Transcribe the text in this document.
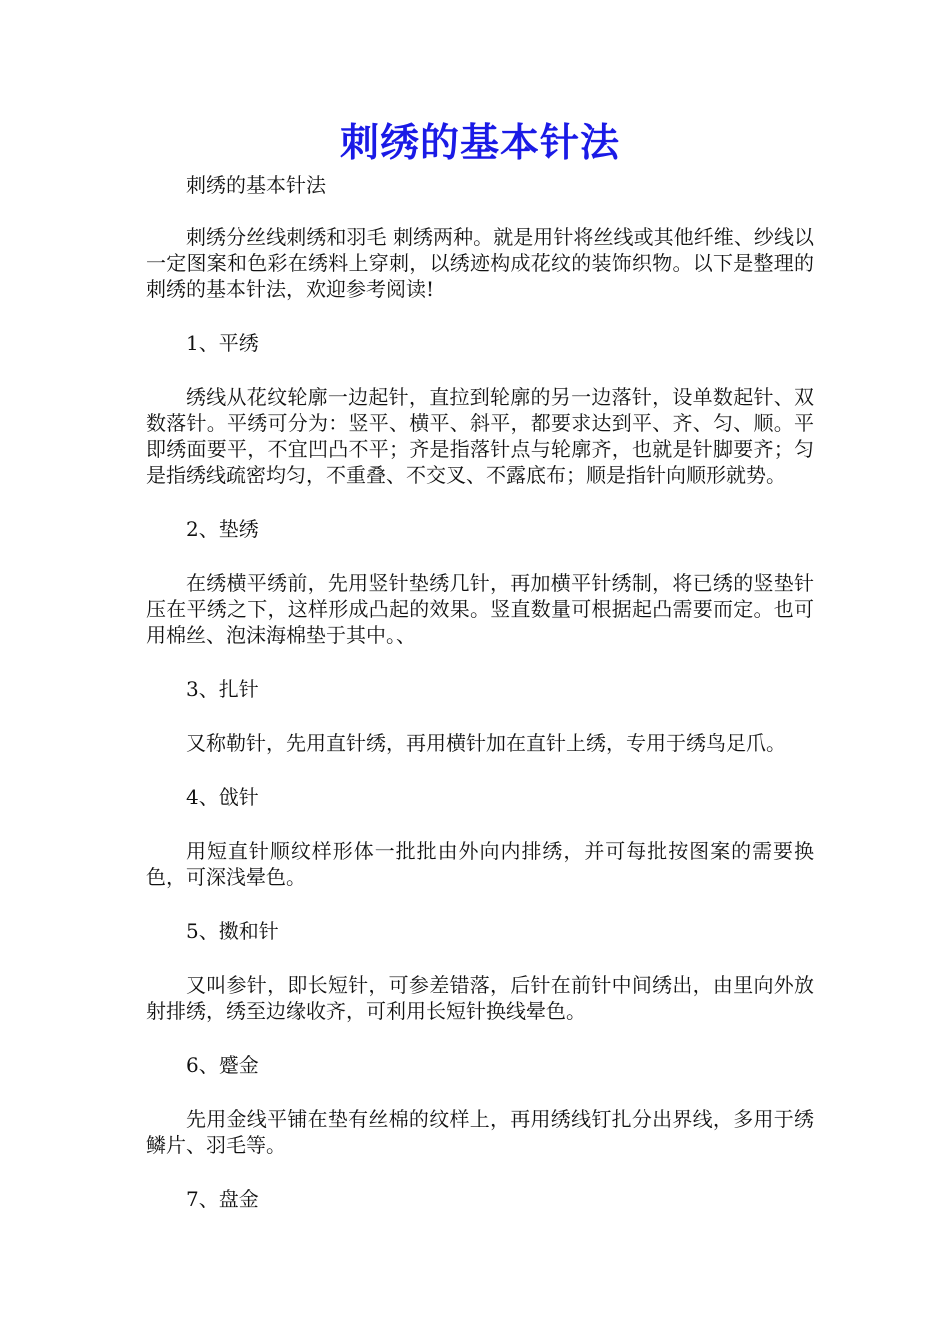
刺绣的基本针法

刺绣的基本针法

刺绣分丝线刺绣和羽毛 刺绣两种。就是用针将丝线或其他纤维、纱线以一定图案和色彩在绣料上穿刺，以绣迹构成花纹的装饰织物。以下是整理的刺绣的基本针法，欢迎参考阅读!

1、平绣

绣线从花纹轮廓一边起针，直拉到轮廓的另一边落针，设单数起针、双数落针。平绣可分为：竖平、横平、斜平，都要求达到平、齐、匀、顺。平即绣面要平，不宜凹凸不平；齐是指落针点与轮廓齐，也就是针脚要齐；匀是指绣线疏密均匀，不重叠、不交叉、不露底布；顺是指针向顺形就势。

2、垫绣

在绣横平绣前，先用竖针垫绣几针，再加横平针绣制，将已绣的竖垫针压在平绣之下，这样形成凸起的效果。竖直数量可根据起凸需要而定。也可用棉丝、泡沫海棉垫于其中。、

3、扎针

又称勒针，先用直针绣，再用横针加在直针上绣，专用于绣鸟足爪。

4、戗针

用短直针顺纹样形体一批批由外向内排绣，并可每批按图案的需要换色，可深浅晕色。

5、擞和针

又叫参针，即长短针，可参差错落，后针在前针中间绣出，由里向外放射排绣，绣至边缘收齐，可利用长短针换线晕色。

6、蹙金

先用金线平铺在垫有丝棉的纹样上，再用绣线钉扎分出界线，多用于绣鳞片、羽毛等。

7、盘金
